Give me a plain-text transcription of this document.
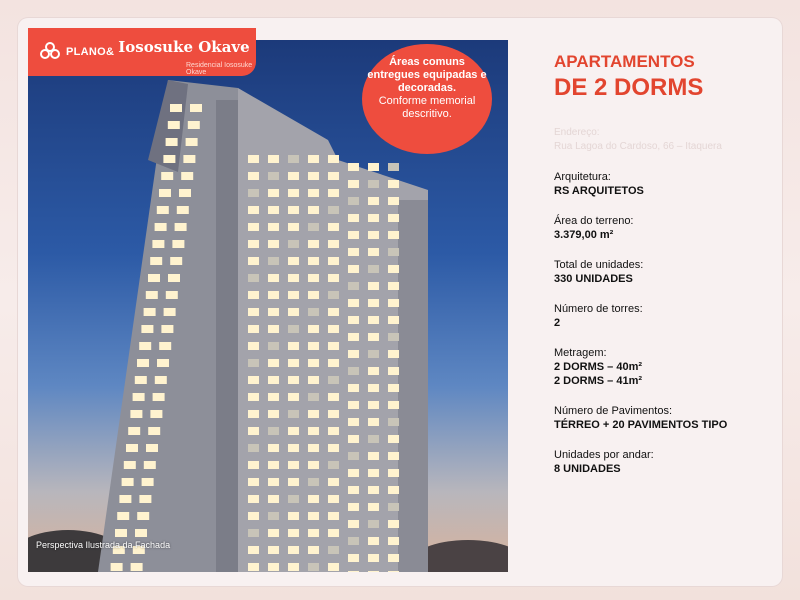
Perspectiva Ilustrada da Fachada
PLANO& Iososuke Okave
Residencial Iososuke Okave
Áreas comuns entregues equipadas e decoradas.
Conforme memorial descritivo.
APARTAMENTOS
DE 2 DORMS
Endereço:
Rua Lagoa do Cardoso, 66 – Itaquera
Arquitetura:
RS ARQUITETOS
Área do terreno:
3.379,00 m²
Total de unidades:
330 UNIDADES
Número de torres:
2
Metragem:
2 DORMS – 40m²
2 DORMS – 41m²
Número de Pavimentos:
TÉRREO + 20 PAVIMENTOS TIPO
Unidades por andar:
8 UNIDADES
